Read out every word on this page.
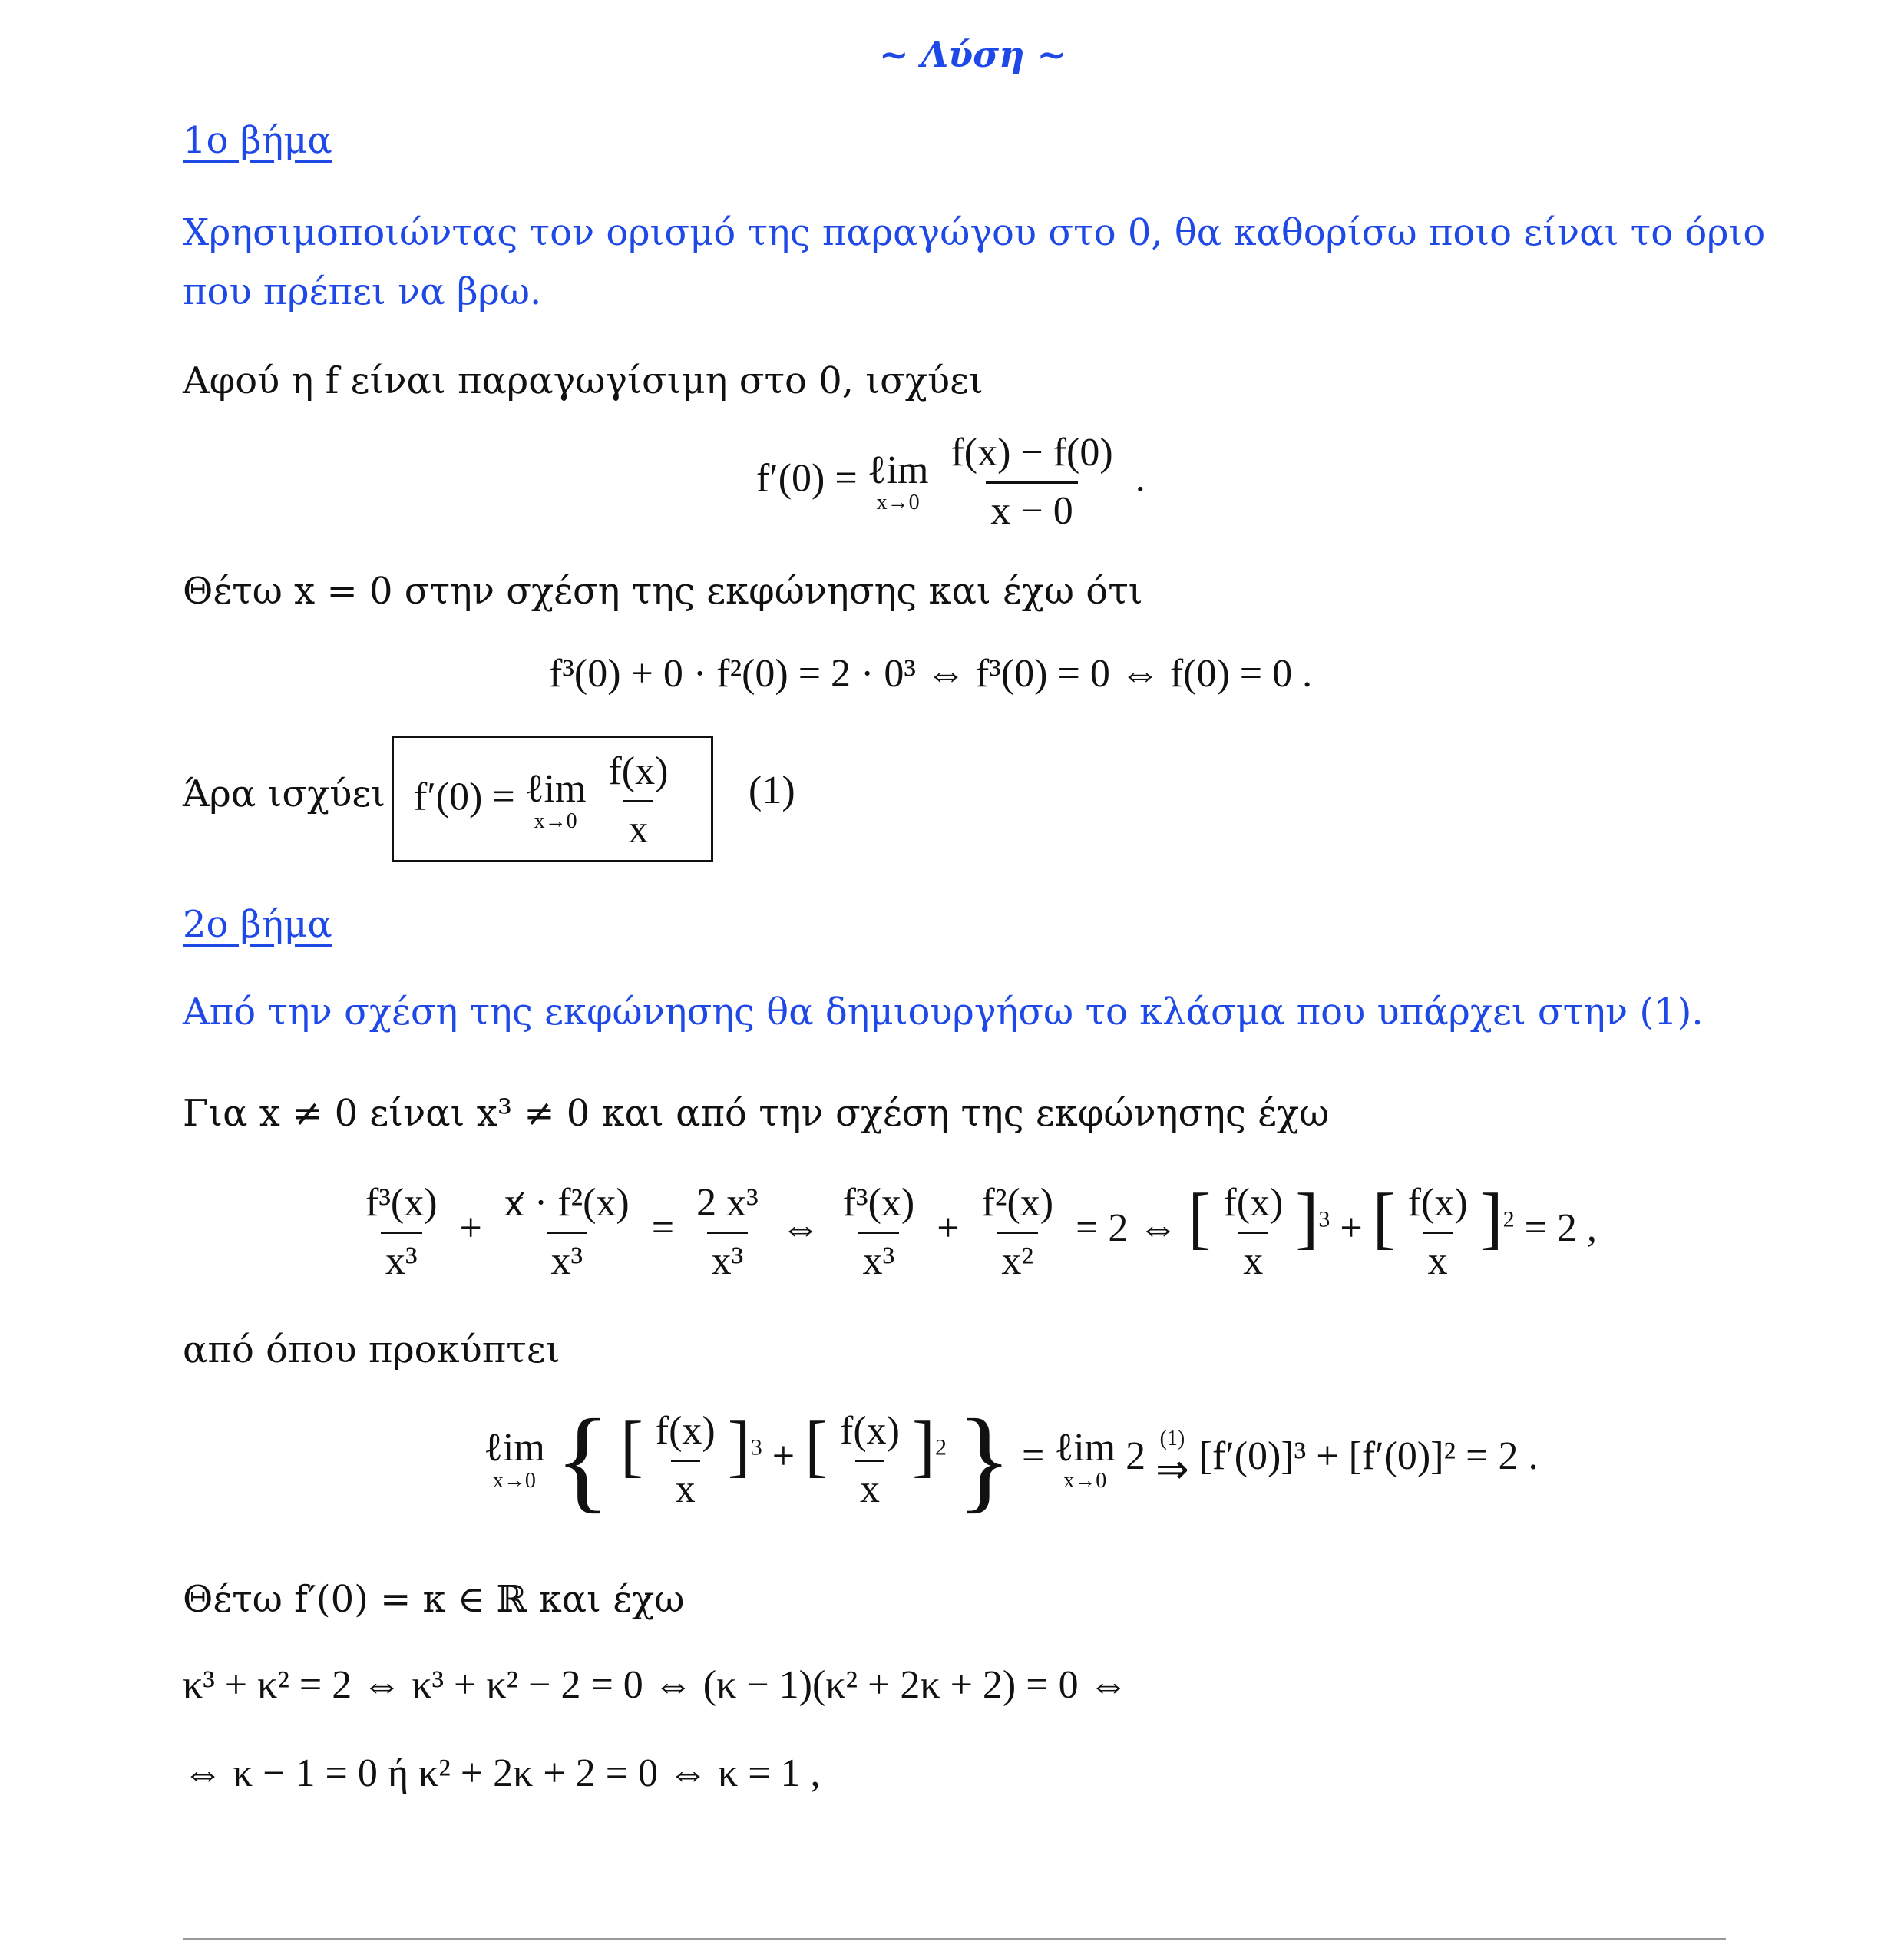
~ Λύση ~
1ο βήμα
Χρησιμοποιώντας τον ορισμό της παραγώγου στο 0, θα καθορίσω ποιο είναι το όριο
που πρέπει να βρω.
Αφού η f είναι παραγωγίσιμη στο 0, ισχύει
f′(0) = ℓim
x→0
$\frac{f(x) - f(0)}{x - 0}$ .
Θέτω x = 0 στην σχέση της εκφώνησης και έχω ότι
f³(0) + 0 · f²(0) = 2 · 0³ ⇔ f³(0) = 0 ⇔ f(0) = 0 .
Άρα ισχύει f′(0) = ℓim
x→0
$\frac{f(x)}{x} (1)$
2ο βήμα
Από την σχέση της εκφώνησης θα δημιουργήσω το κλάσμα που υπάρχει στην (1).
Για x ≠ 0 είναι x³ ≠ 0 και από την σχέση της εκφώνησης έχω
$\frac{\text{f³(x)}}{\text{x³}} + \frac{\text{x · f²(x)}}{\text{x³}} = \frac{\text{2 x³}}{\text{x³}}$ ⇔ $\frac{\text{f³(x)}}{\text{x³}} + \frac{\text{f²(x)}}{\text{x²}} = 2$ ⇔ [ $\frac{f(x)}{x} ]^3$ + [ $\frac{f(x)}{x} ]^2 = 2$ ,
από όπου προκύπτει
ℓim
x→0 { [ $\frac{f(x)}{x} ]^3$ + [ $\frac{f(x)}{x} ]^2$ } = ℓim
x→0
2 (1)
⇒ [f′(0)]³ + [f′(0)]² = 2 .
Θέτω f′(0) = κ ∈ ℝ και έχω
κ³ + κ² = 2 ⇔ κ³ + κ² − 2 = 0 ⇔ (κ − 1)(κ² + 2κ + 2) = 0 ⇔
⇔ κ − 1 = 0 ή κ² + 2κ + 2 = 0 ⇔ κ = 1 ,
